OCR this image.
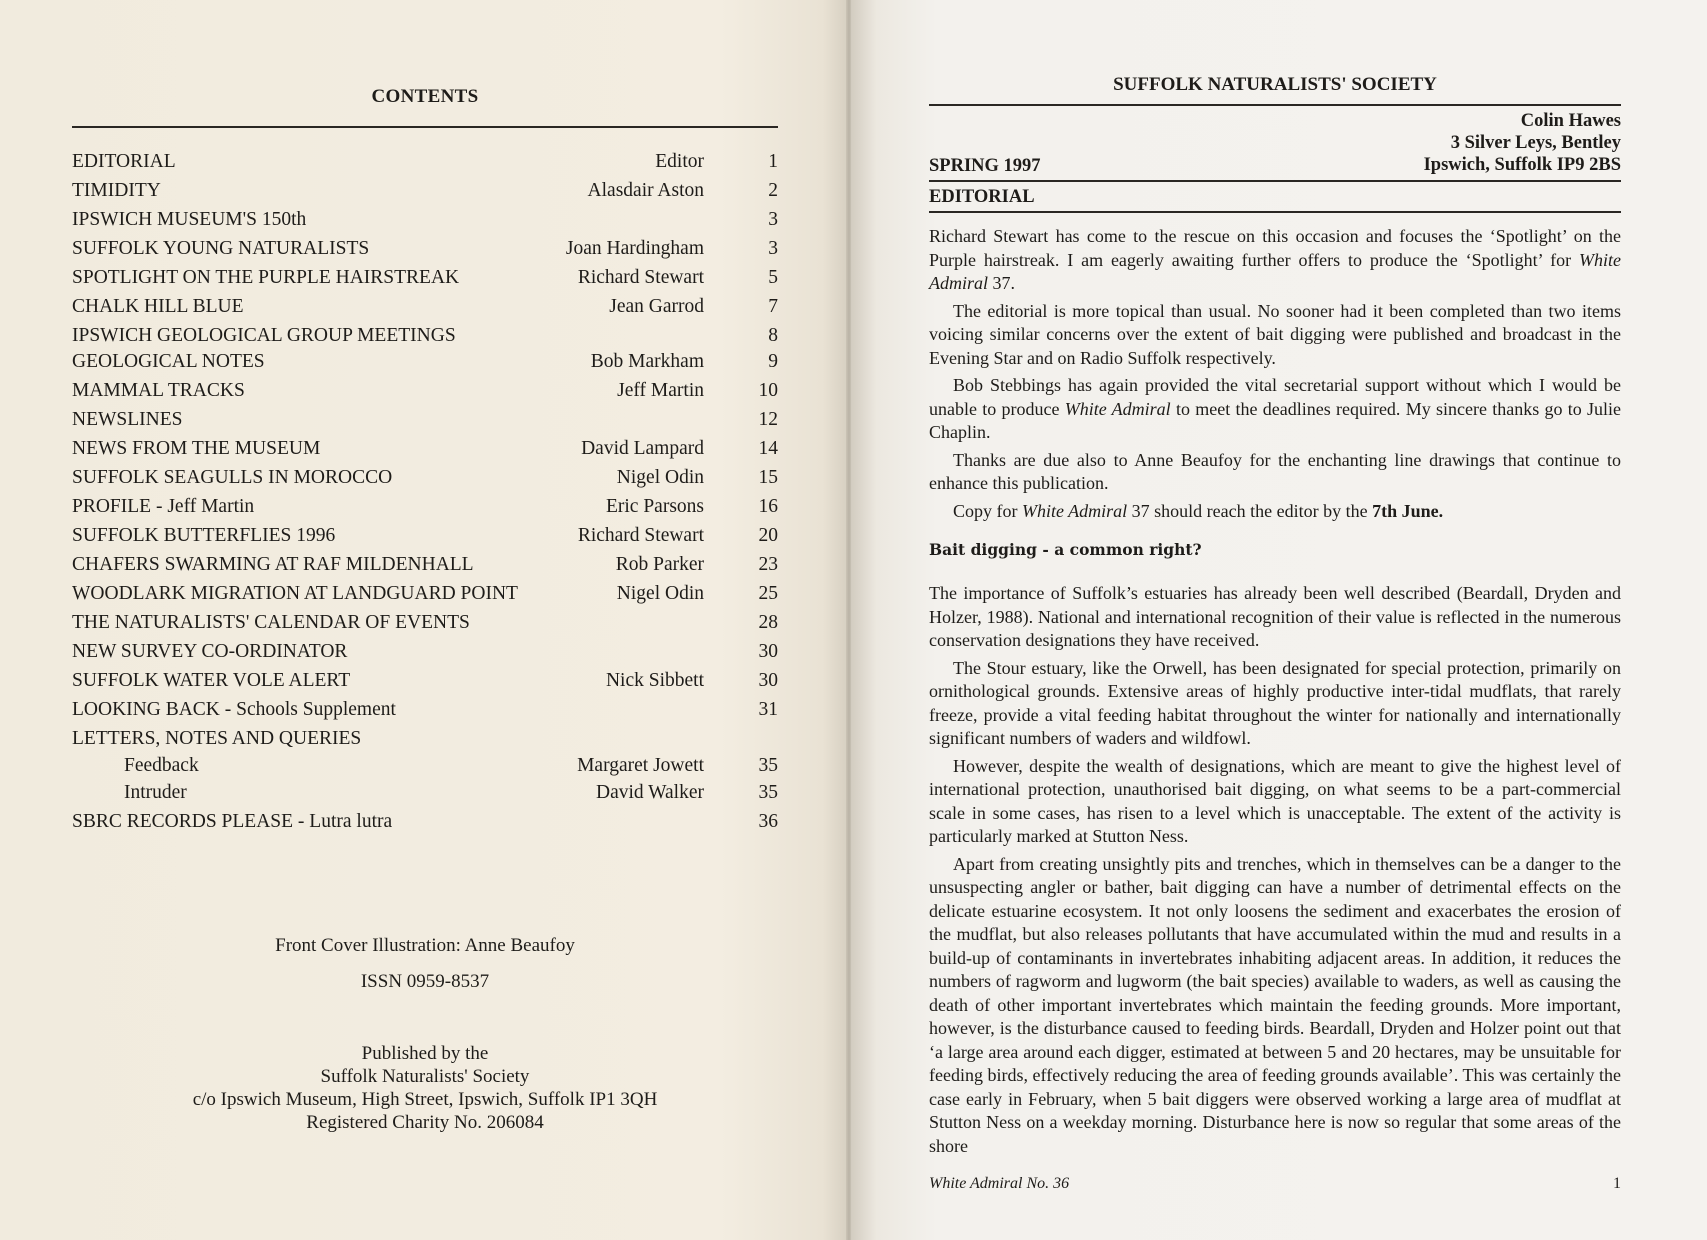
CONTENTS
EDITORIAL	Editor	1
TIMIDITY	Alasdair Aston	2
IPSWICH MUSEUM'S 150th	3
SUFFOLK YOUNG NATURALISTS	Joan Hardingham	3
SPOTLIGHT ON THE PURPLE HAIRSTREAK	Richard Stewart	5
CHALK HILL BLUE	Jean Garrod	7
IPSWICH GEOLOGICAL GROUP MEETINGS	8
GEOLOGICAL NOTES	Bob Markham	9
MAMMAL TRACKS	Jeff Martin	10
NEWSLINES	12
NEWS FROM THE MUSEUM	David Lampard	14
SUFFOLK SEAGULLS IN MOROCCO	Nigel Odin	15
PROFILE - Jeff Martin	Eric Parsons	16
SUFFOLK BUTTERFLIES 1996	Richard Stewart	20
CHAFERS SWARMING AT RAF MILDENHALL	Rob Parker	23
WOODLARK MIGRATION AT LANDGUARD POINT	Nigel Odin	25
THE NATURALISTS' CALENDAR OF EVENTS	28
NEW SURVEY CO-ORDINATOR	30
SUFFOLK WATER VOLE ALERT	Nick Sibbett	30
LOOKING BACK - Schools Supplement	31
LETTERS, NOTES AND QUERIES
Feedback	Margaret Jowett	35
Intruder	David Walker	35
SBRC RECORDS PLEASE - Lutra lutra	36
Front Cover Illustration: Anne Beaufoy
ISSN 0959-8537
Published by the
Suffolk Naturalists' Society
c/o Ipswich Museum, High Street, Ipswich, Suffolk IP1 3QH
Registered Charity No. 206084
SUFFOLK NATURALISTS' SOCIETY
Colin Hawes
3 Silver Leys, Bentley
Ipswich, Suffolk IP9 2BS
SPRING 1997
EDITORIAL

Richard Stewart has come to the rescue on this occasion and focuses the ‘Spotlight’ on the Purple hairstreak. I am eagerly awaiting further offers to produce the ‘Spotlight’ for White Admiral 37.

The editorial is more topical than usual. No sooner had it been completed than two items voicing similar concerns over the extent of bait digging were published and broadcast in the Evening Star and on Radio Suffolk respectively.

Bob Stebbings has again provided the vital secretarial support without which I would be unable to produce White Admiral to meet the deadlines required. My sincere thanks go to Julie Chaplin.

Thanks are due also to Anne Beaufoy for the enchanting line drawings that continue to enhance this publication.

Copy for White Admiral 37 should reach the editor by the 7th June.

Bait digging - a common right?

The importance of Suffolk’s estuaries has already been well described (Beardall, Dryden and Holzer, 1988). National and international recognition of their value is reflected in the numerous conservation designations they have received.

The Stour estuary, like the Orwell, has been designated for special protection, primarily on ornithological grounds. Extensive areas of highly productive inter-tidal mudflats, that rarely freeze, provide a vital feeding habitat throughout the winter for nationally and internationally significant numbers of waders and wildfowl.

However, despite the wealth of designations, which are meant to give the highest level of international protection, unauthorised bait digging, on what seems to be a part-commercial scale in some cases, has risen to a level which is unacceptable. The extent of the activity is particularly marked at Stutton Ness.

Apart from creating unsightly pits and trenches, which in themselves can be a danger to the unsuspecting angler or bather, bait digging can have a number of detrimental effects on the delicate estuarine ecosystem. It not only loosens the sediment and exacerbates the erosion of the mudflat, but also releases pollutants that have accumulated within the mud and results in a build-up of contaminants in invertebrates inhabiting adjacent areas. In addition, it reduces the numbers of ragworm and lugworm (the bait species) available to waders, as well as causing the death of other important invertebrates which maintain the feeding grounds. More important, however, is the disturbance caused to feeding birds. Beardall, Dryden and Holzer point out that ‘a large area around each digger, estimated at between 5 and 20 hectares, may be unsuitable for feeding birds, effectively reducing the area of feeding grounds available’. This was certainly the case early in February, when 5 bait diggers were observed working a large area of mudflat at Stutton Ness on a weekday morning. Disturbance here is now so regular that some areas of the shore

White Admiral No. 36	1
